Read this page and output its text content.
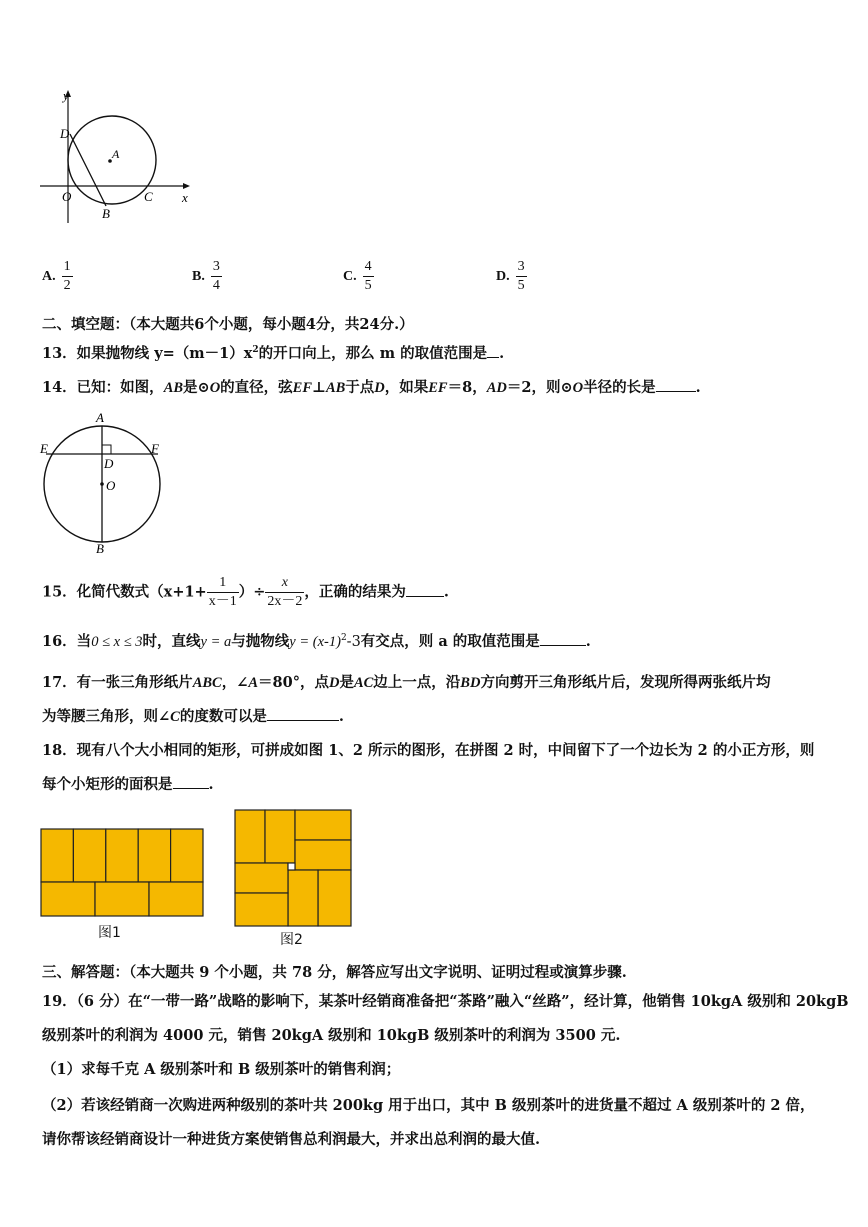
y
x
D
A
O
B
C
A. $\frac{1}{2}$	B. $\frac{3}{4}$	C. $\frac{4}{5}$	D. $\frac{3}{5}$
二、填空题：（本大题共6个小题，每小题4分，共24分.）
13．如果抛物线 $y=(m-1)x^2$的开口向上，那么 m 的取值范围是 .
14．已知：如图，AB是⊙O的直径，弦EF⊥AB于点D，如果EF＝8，AD＝2，则⊙O半径的长是	.
A
E	F
D
O
B
15．化简代数式（$x+1+ \frac{1}{x-1}$ ）÷ $\frac{x}{2x-2}$ ，正确的结果为	.
16．当0 ≤ x ≤ 3时，直线y = a与抛物线$y = (x-1)^2-3$有交点，则 a 的取值范围是	.
17．有一张三角形纸片ABC，∠A＝80°，点D是AC边上一点，沿BD方向剪开三角形纸片后，发现所得两张纸片均
为等腰三角形，则∠C的度数可以是	.
18．现有八个大小相同的矩形，可拼成如图 1、2 所示的图形，在拼图 2 时，中间留下了一个边长为 2 的小正方形，则
每个小矩形的面积是 .
图1	图2
三、解答题：（本大题共 9 个小题，共 78 分，解答应写出文字说明、证明过程或演算步骤.
19．（6 分）在“一带一路”战略的影响下，某茶叶经销商准备把“茶路”融入“丝路”，经计算，他销售 10kgA 级别和 20kgB
级别茶叶的利润为 4000 元，销售 20kgA 级别和 10kgB 级别茶叶的利润为 3500 元.
（1）求每千克 A 级别茶叶和 B 级别茶叶的销售利润；
（2）若该经销商一次购进两种级别的茶叶共 200kg 用于出口，其中 B 级别茶叶的进货量不超过 A 级别茶叶的 2 倍，
请你帮该经销商设计一种进货方案使销售总利润最大，并求出总利润的最大值.
